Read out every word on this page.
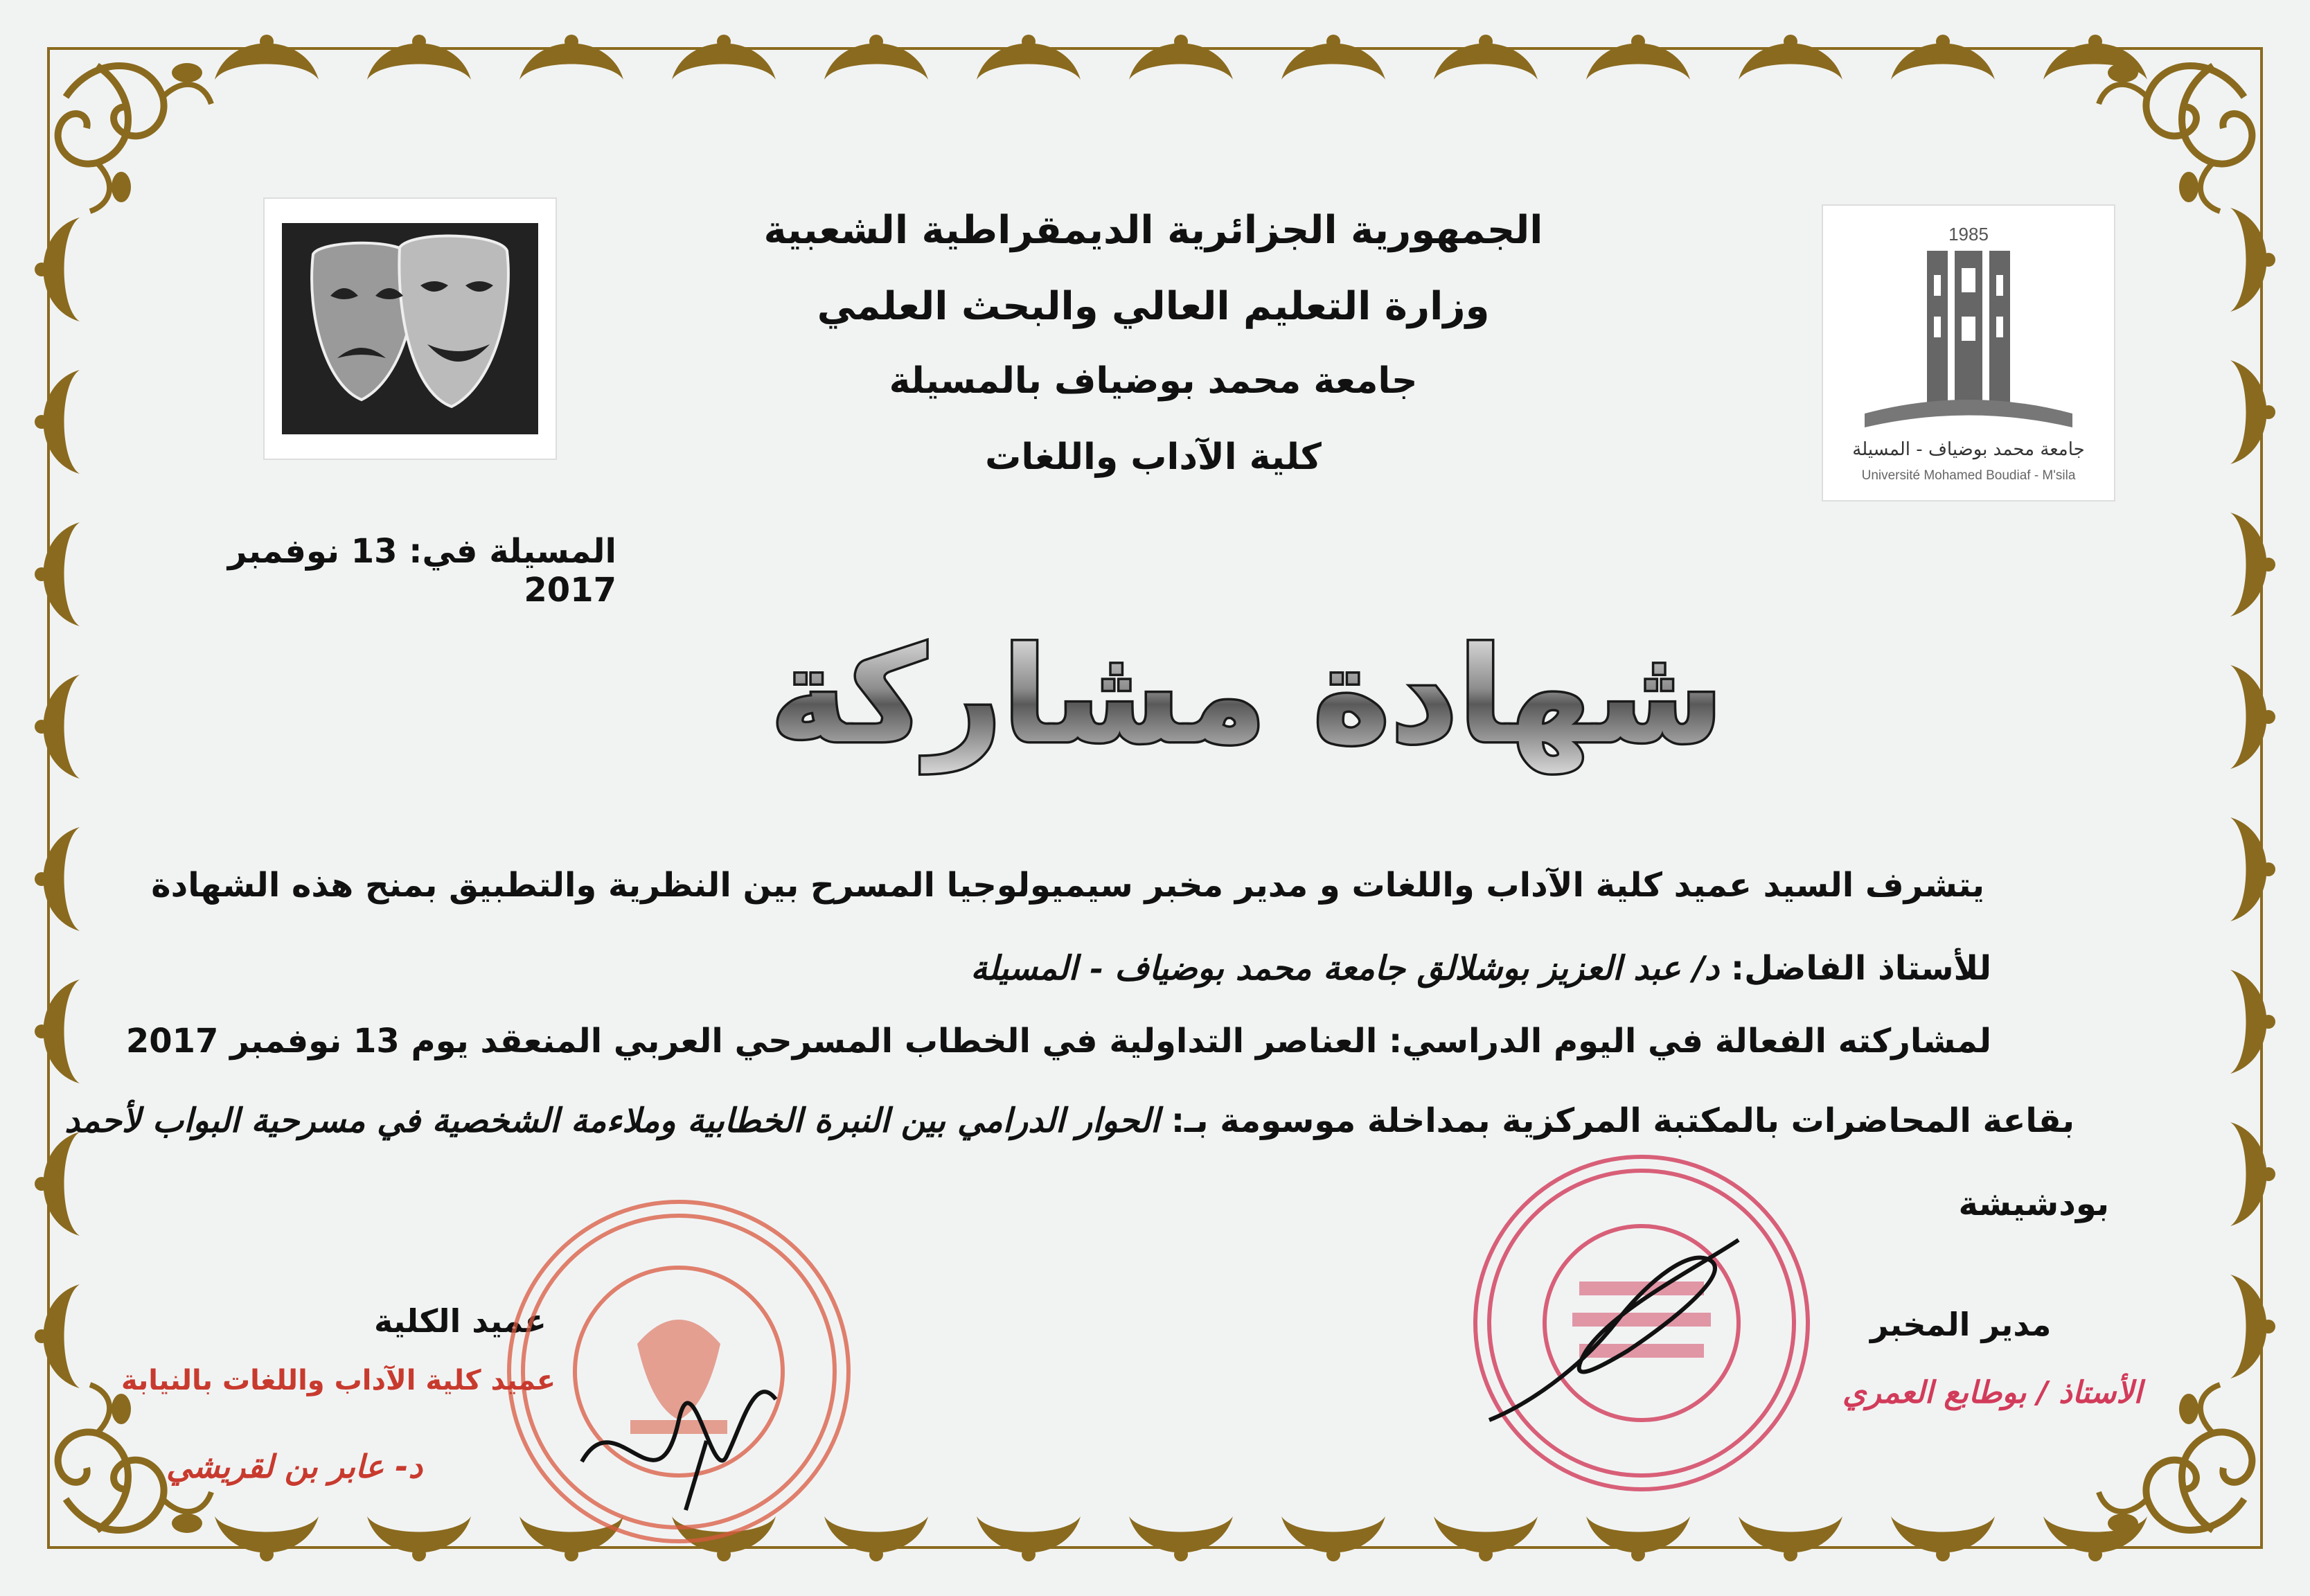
الجمهورية الجزائرية الديمقراطية الشعبية
وزارة التعليم العالي والبحث العلمي
جامعة محمد بوضياف بالمسيلة
كلية الآداب واللغات
1985
جامعة محمد بوضياف - المسيلة
Université Mohamed Boudiaf - M'sila
المسيلة في: 13 نوفمبر 2017
شهادة مشاركة
يتشرف السيد عميد كلية الآداب واللغات و مدير مخبر سيميولوجيا المسرح بين النظرية والتطبيق بمنح هذه الشهادة
للأستاذ الفاضل: د/ عبد العزيز بوشلالق جامعة محمد بوضياف - المسيلة
لمشاركته الفعالة في اليوم الدراسي: العناصر التداولية في الخطاب المسرحي العربي المنعقد يوم 13 نوفمبر 2017
بقاعة المحاضرات بالمكتبة المركزية بمداخلة موسومة بـ: الحوار الدرامي بين النبرة الخطابية وملاءمة الشخصية في مسرحية البواب لأحمد
بودشيشة
عميد الكلية	مدير المخبر
عميد كلية الآداب واللغات بالنيابة
د- عابر بن لقريشي
الأستاذ / بوطابع العمري
